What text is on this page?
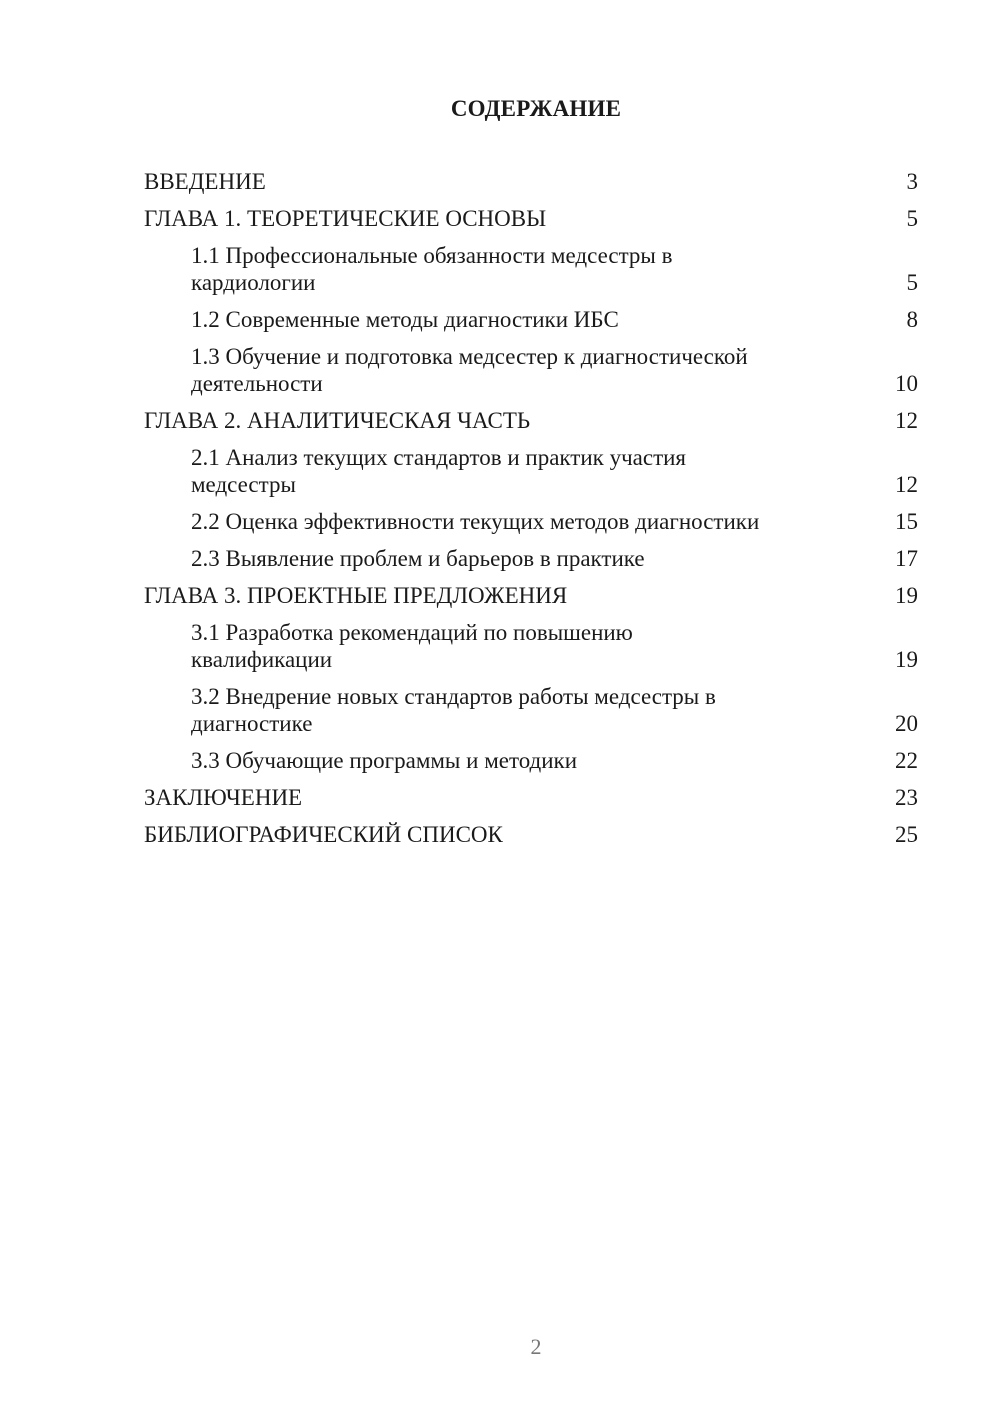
СОДЕРЖАНИЕ
ВВЕДЕНИЕ	3
ГЛАВА 1. ТЕОРЕТИЧЕСКИЕ ОСНОВЫ	5
1.1 Профессиональные обязанности медсестры в кардиологии	5
1.2 Современные методы диагностики ИБС	8
1.3 Обучение и подготовка медсестер к диагностической деятельности	10
ГЛАВА 2. АНАЛИТИЧЕСКАЯ ЧАСТЬ	12
2.1 Анализ текущих стандартов и практик участия медсестры	12
2.2 Оценка эффективности текущих методов диагностики	15
2.3 Выявление проблем и барьеров в практике	17
ГЛАВА 3. ПРОЕКТНЫЕ ПРЕДЛОЖЕНИЯ	19
3.1 Разработка рекомендаций по повышению квалификации	19
3.2 Внедрение новых стандартов работы медсестры в диагностике	20
3.3 Обучающие программы и методики	22
ЗАКЛЮЧЕНИЕ	23
БИБЛИОГРАФИЧЕСКИЙ СПИСОК	25
2
